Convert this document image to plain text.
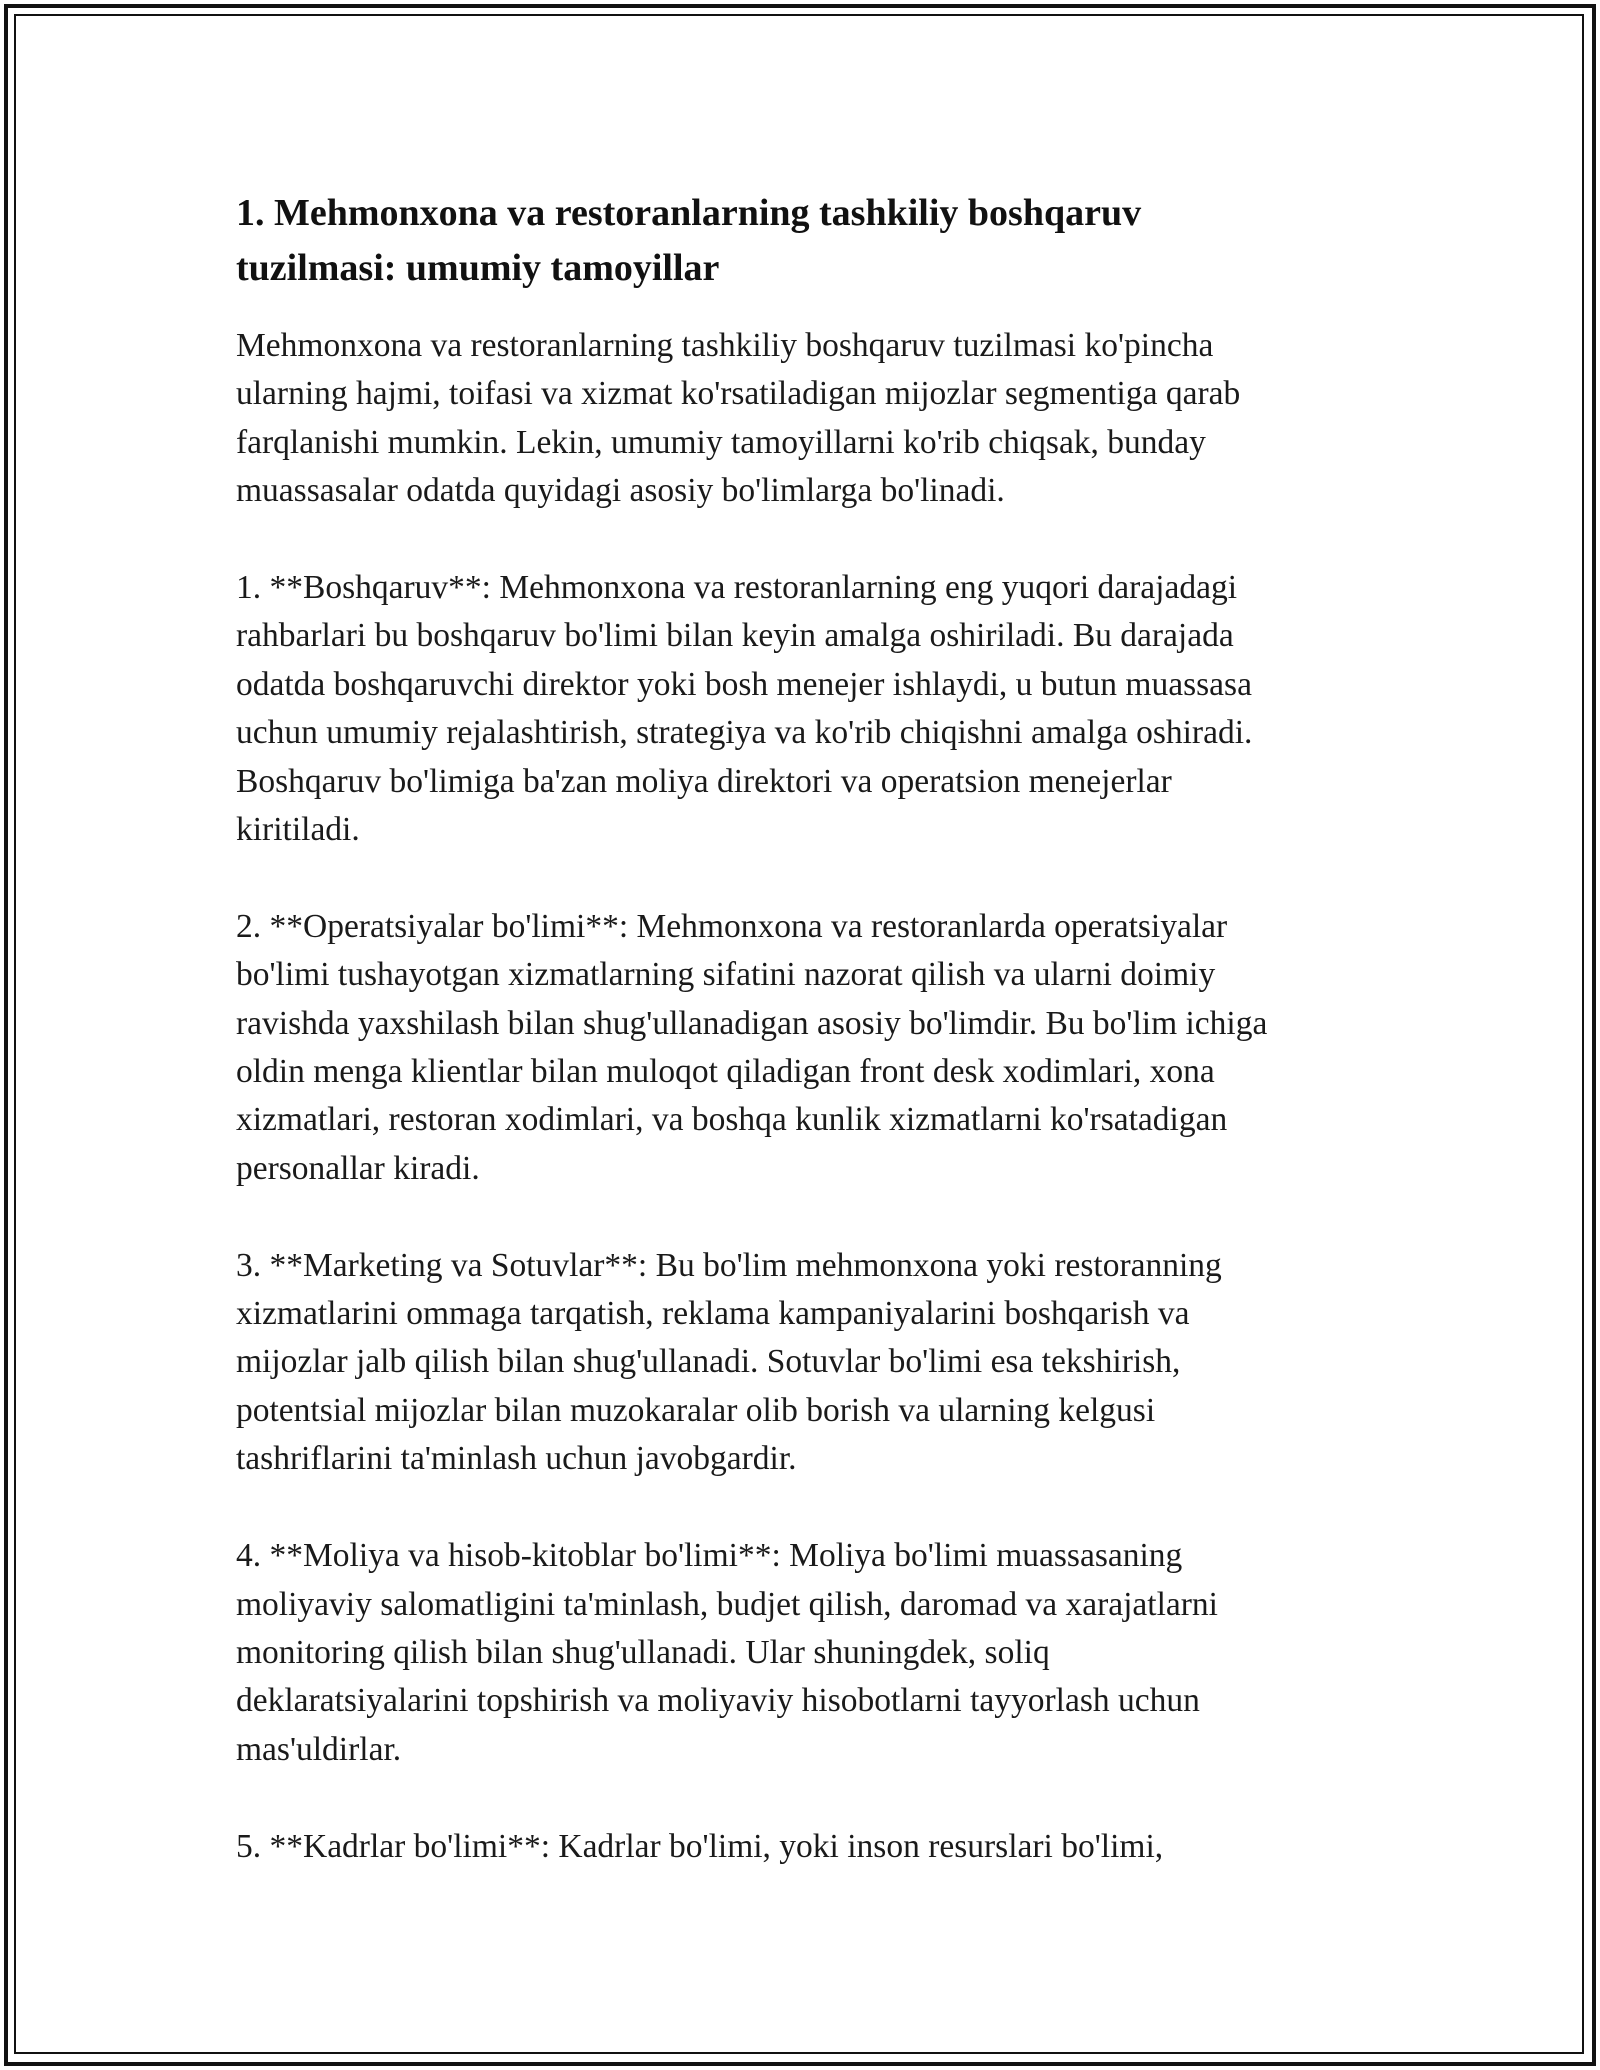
1. Mehmonxona va restoranlarning tashkiliy boshqaruv
tuzilmasi: umumiy tamoyillar

Mehmonxona va restoranlarning tashkiliy boshqaruv tuzilmasi ko'pincha
ularning hajmi, toifasi va xizmat ko'rsatiladigan mijozlar segmentiga qarab
farqlanishi mumkin. Lekin, umumiy tamoyillarni ko'rib chiqsak, bunday
muassasalar odatda quyidagi asosiy bo'limlarga bo'linadi.

1. **Boshqaruv**: Mehmonxona va restoranlarning eng yuqori darajadagi
rahbarlari bu boshqaruv bo'limi bilan keyin amalga oshiriladi. Bu darajada
odatda boshqaruvchi direktor yoki bosh menejer ishlaydi, u butun muassasa
uchun umumiy rejalashtirish, strategiya va ko'rib chiqishni amalga oshiradi.
Boshqaruv bo'limiga ba'zan moliya direktori va operatsion menejerlar
kiritiladi.

2. **Operatsiyalar bo'limi**: Mehmonxona va restoranlarda operatsiyalar
bo'limi tushayotgan xizmatlarning sifatini nazorat qilish va ularni doimiy
ravishda yaxshilash bilan shug'ullanadigan asosiy bo'limdir. Bu bo'lim ichiga
oldin menga klientlar bilan muloqot qiladigan front desk xodimlari, xona
xizmatlari, restoran xodimlari, va boshqa kunlik xizmatlarni ko'rsatadigan
personallar kiradi.

3. **Marketing va Sotuvlar**: Bu bo'lim mehmonxona yoki restoranning
xizmatlarini ommaga tarqatish, reklama kampaniyalarini boshqarish va
mijozlar jalb qilish bilan shug'ullanadi. Sotuvlar bo'limi esa tekshirish,
potentsial mijozlar bilan muzokaralar olib borish va ularning kelgusi
tashriflarini ta'minlash uchun javobgardir.

4. **Moliya va hisob-kitoblar bo'limi**: Moliya bo'limi muassasaning
moliyaviy salomatligini ta'minlash, budjet qilish, daromad va xarajatlarni
monitoring qilish bilan shug'ullanadi. Ular shuningdek, soliq
deklaratsiyalarini topshirish va moliyaviy hisobotlarni tayyorlash uchun
mas'uldirlar.

5. **Kadrlar bo'limi**: Kadrlar bo'limi, yoki inson resurslari bo'limi,
